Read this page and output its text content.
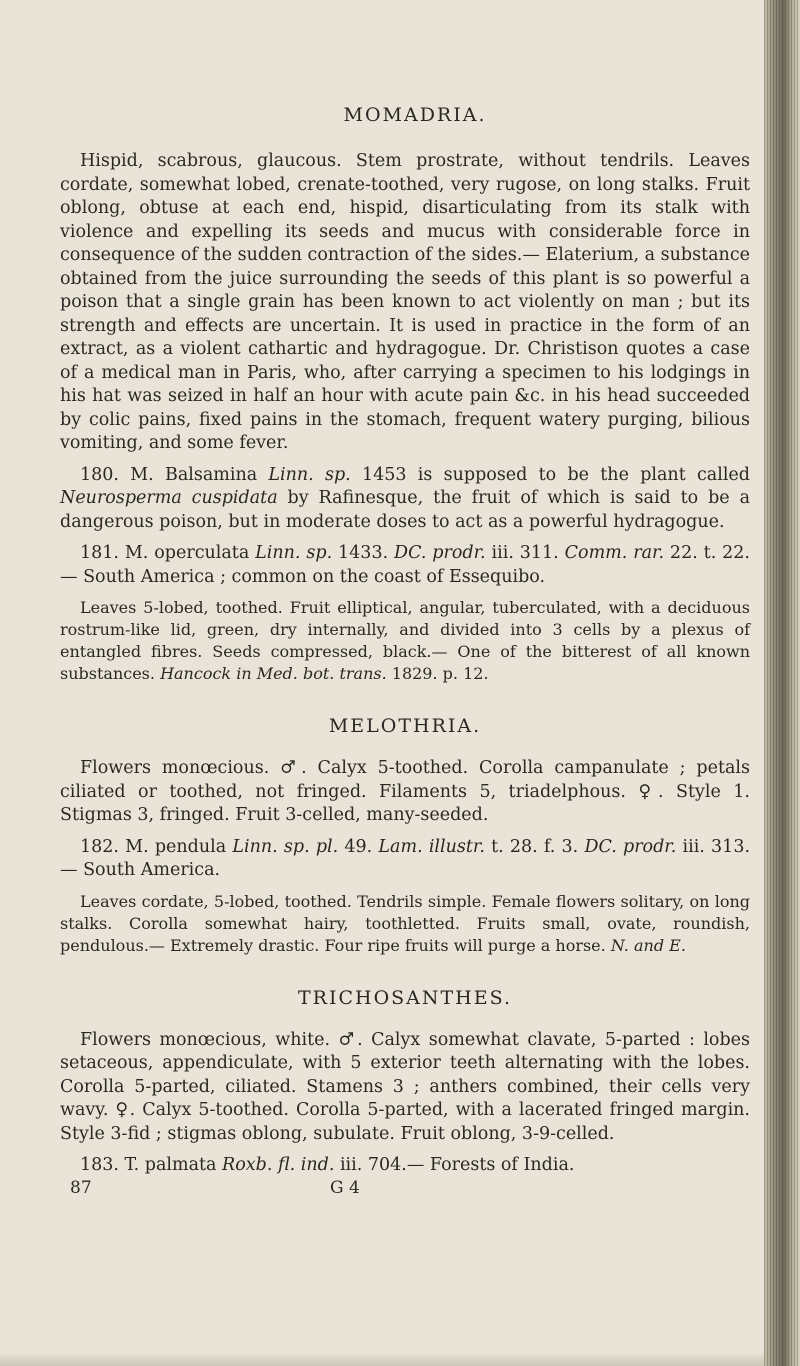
MOMADRIA.

Hispid, scabrous, glaucous. Stem prostrate, without tendrils. Leaves cordate, somewhat lobed, crenate-toothed, very rugose, on long stalks. Fruit oblong, obtuse at each end, hispid, disarticulating from its stalk with violence and expelling its seeds and mucus with considerable force in consequence of the sudden contraction of the sides.— Elaterium, a substance obtained from the juice surrounding the seeds of this plant is so powerful a poison that a single grain has been known to act violently on man ; but its strength and effects are uncertain. It is used in practice in the form of an extract, as a violent cathartic and hydragogue. Dr. Christison quotes a case of a medical man in Paris, who, after carrying a specimen to his lodgings in his hat was seized in half an hour with acute pain &c. in his head succeeded by colic pains, fixed pains in the stomach, frequent watery purging, bilious vomiting, and some fever.

180. M. Balsamina Linn. sp. 1453 is supposed to be the plant called Neurosperma cuspidata by Rafinesque, the fruit of which is said to be a dangerous poison, but in moderate doses to act as a powerful hydragogue.

181. M. operculata Linn. sp. 1433. DC. prodr. iii. 311. Comm. rar. 22. t. 22.— South America ; common on the coast of Essequibo.

Leaves 5-lobed, toothed. Fruit elliptical, angular, tuberculated, with a deciduous rostrum-like lid, green, dry internally, and divided into 3 cells by a plexus of entangled fibres. Seeds compressed, black.— One of the bitterest of all known substances. Hancock in Med. bot. trans. 1829. p. 12.

MELOTHRIA.

Flowers monœcious. ♂. Calyx 5-toothed. Corolla campanulate ; petals ciliated or toothed, not fringed. Filaments 5, triadelphous. ♀. Style 1. Stigmas 3, fringed. Fruit 3-celled, many-seeded.

182. M. pendula Linn. sp. pl. 49. Lam. illustr. t. 28. f. 3. DC. prodr. iii. 313.— South America.

Leaves cordate, 5-lobed, toothed. Tendrils simple. Female flowers solitary, on long stalks. Corolla somewhat hairy, toothletted. Fruits small, ovate, roundish, pendulous.— Extremely drastic. Four ripe fruits will purge a horse. N. and E.

TRICHOSANTHES.

Flowers monœcious, white. ♂. Calyx somewhat clavate, 5-parted : lobes setaceous, appendiculate, with 5 exterior teeth alternating with the lobes. Corolla 5-parted, ciliated. Stamens 3 ; anthers combined, their cells very wavy. ♀. Calyx 5-toothed. Corolla 5-parted, with a lacerated fringed margin. Style 3-fid ; stigmas oblong, subulate. Fruit oblong, 3-9-celled.

183. T. palmata Roxb. fl. ind. iii. 704.— Forests of India.

87	G 4
